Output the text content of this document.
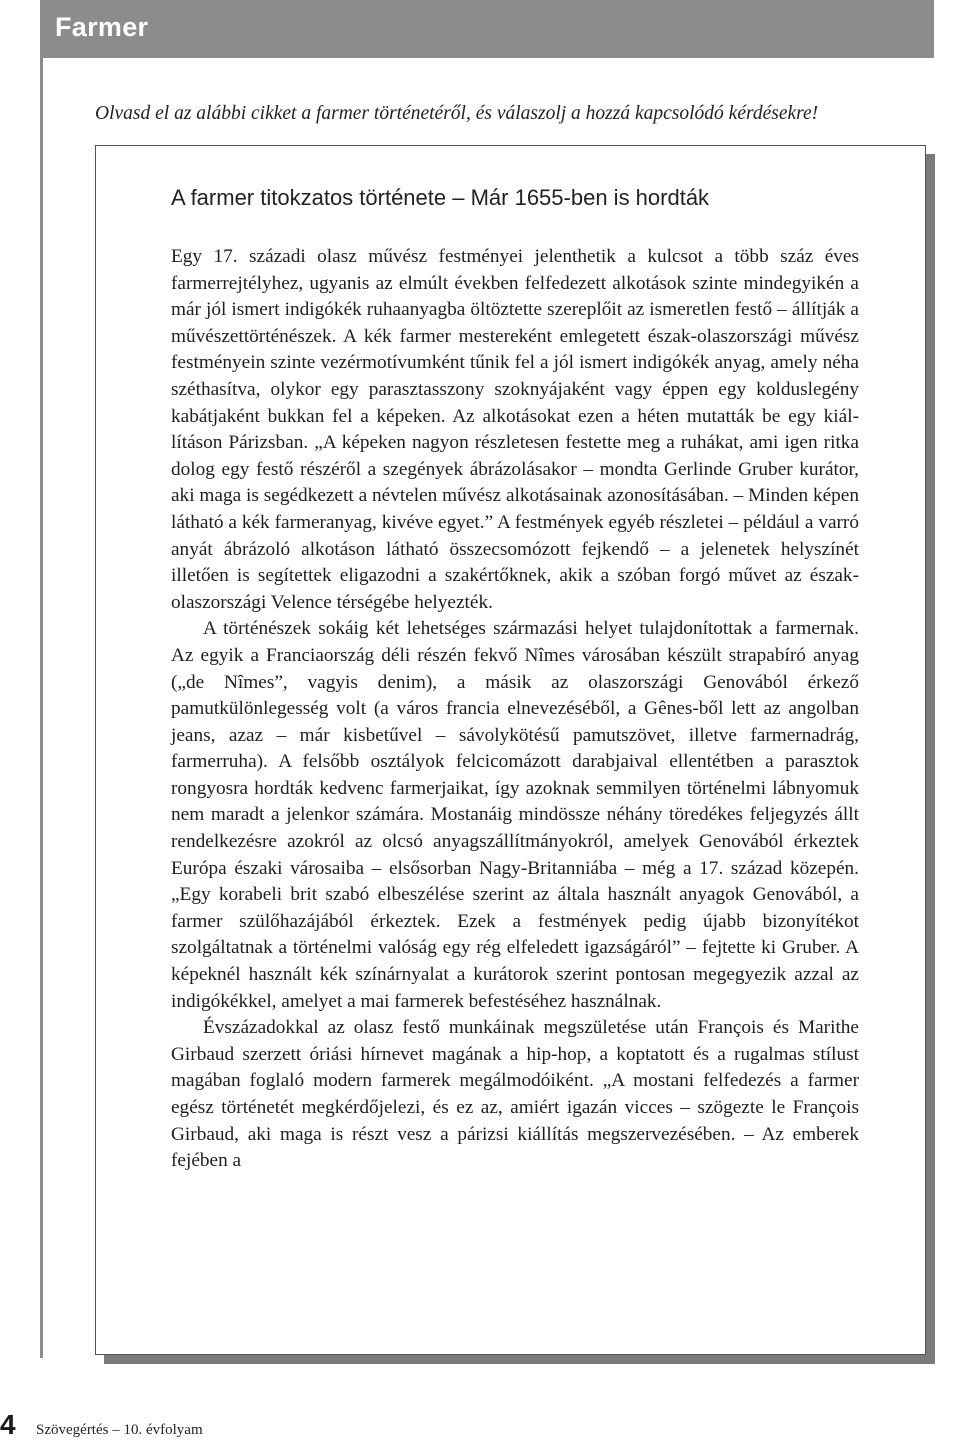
Farmer
Olvasd el az alábbi cikket a farmer történetéről, és válaszolj a hozzá kapcsolódó kérdésekre!
A farmer titokzatos története – Már 1655-ben is hordták

Egy 17. századi olasz művész festményei jelenthetik a kulcsot a több száz éves farmerrejtélyhez, ugyanis az elmúlt években felfedezett alkotások szinte mindegyikén a már jól ismert indigókék ruhaanyagba öltöztette szereplőit az ismeretlen festő – állítják a művészettörténészek. A kék farmer mestereként emlegetett észak-olaszországi művész festményein szinte vezérmotívumként tűnik fel a jól ismert indigókék anyag, amely néha széthasítva, olykor egy parasztasszony szoknyájaként vagy éppen egy kolduslegény kabátjaként bukkan fel a képeken. Az alkotásokat ezen a héten mutatták be egy kiállításon Párizsban. „A képeken nagyon részletesen festette meg a ruhákat, ami igen ritka dolog egy festő részéről a szegények ábrázolásakor – mondta Gerlinde Gruber kurátor, aki maga is segédkezett a névtelen művész alkotásainak azonosításában. – Minden képen látható a kék farmeranyag, kivéve egyet.” A festmények egyéb részletei – például a varró anyát ábrázoló alkotáson látható összecsomózott fejkendő – a jelenetek helyszínét illetően is segítettek eligazodni a szakértőknek, akik a szóban forgó művet az északolaszországi Velence térségébe helyezték.

A történészek sokáig két lehetséges származási helyet tulajdonítottak a farmernak. Az egyik a Franciaország déli részén fekvő Nîmes városában készült strapabíró anyag („de Nîmes”, vagyis denim), a másik az olaszországi Genovából érkező pamutkülönlegesség volt (a város francia elnevezéséből, a Gênes-ből lett az angolban jeans, azaz – már kisbetűvel – sávolykötésű pamutszövet, illetve farmernadrág, farmerruha). A felsőbb osztályok felcicomázott darabjaival ellentétben a parasztok rongyosra hordták kedvenc farmerjaikat, így azoknak semmilyen történelmi lábnyomuk nem maradt a jelenkor számára. Mostanáig mindössze néhány töredékes feljegyzés állt rendelkezésre azokról az olcsó anyagszállítmányokról, amelyek Genovából érkeztek Európa északi városaiba – elsősorban Nagy-Britanniába – még a 17. század közepén. „Egy korabeli brit szabó elbeszélése szerint az általa használt anyagok Genovából, a farmer szülőhazájából érkeztek. Ezek a festmények pedig újabb bizonyítékot szolgáltatnak a történelmi valóság egy rég elfeledett igazságáról” – fejtette ki Gruber. A képeknél használt kék színárnyalat a kurátorok szerint pontosan megegyezik azzal az indigókékkel, amelyet a mai farmerek befestéséhez használnak.

Évszázadokkal az olasz festő munkáinak megszületése után François és Marithe Girbaud szerzett óriási hírnevet magának a hip-hop, a koptatott és a rugalmas stílust magában foglaló modern farmerek megálmodóiként. „A mostani felfedezés a farmer egész történetét megkérdőjelezi, és ez az, amiért igazán vicces – szögezte le François Girbaud, aki maga is részt vesz a párizsi kiállítás megszervezésében. – Az emberek fejében a

4 Szövegértés – 10. évfolyam
